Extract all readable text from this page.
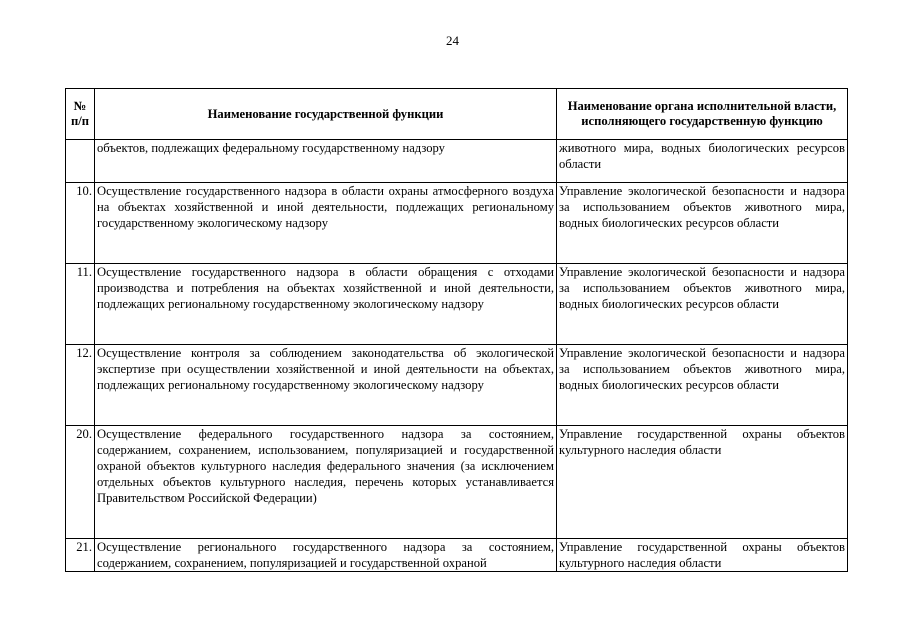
24
№ п/п	Наименование государственной функции	Наименование органа исполнительной власти, исполняющего государственную функцию
	объектов, подлежащих федеральному государственному надзору	животного мира, водных биологических ресурсов области
10.	Осуществление государственного надзора в области охраны атмосферного воздуха на объектах хозяйственной и иной деятельности, подлежащих региональному государственному экологическому надзору	Управление экологической безопасности и надзора за использованием объектов животного мира, водных биологических ресурсов области
11.	Осуществление государственного надзора в области обращения с отходами производства и потребления на объектах хозяйственной и иной деятельности, подлежащих региональному государственному экологическому надзору	Управление экологической безопасности и надзора за использованием объектов животного мира, водных биологических ресурсов области
12.	Осуществление контроля за соблюдением законодательства об экологической экспертизе при осуществлении хозяйственной и иной деятельности на объектах, подлежащих региональному государственному экологическому надзору	Управление экологической безопасности и надзора за использованием объектов животного мира, водных биологических ресурсов области
20.	Осуществление федерального государственного надзора за состоянием, содержанием, сохранением, использованием, популяризацией и государственной охраной объектов культурного наследия федерального значения (за исключением отдельных объектов культурного наследия, перечень которых устанавливается Правительством Российской Федерации)	Управление государственной охраны объектов культурного наследия области
21.	Осуществление регионального государственного надзора за состоянием, содержанием, сохранением, популяризацией и государственной охраной	Управление государственной охраны объектов культурного наследия области
